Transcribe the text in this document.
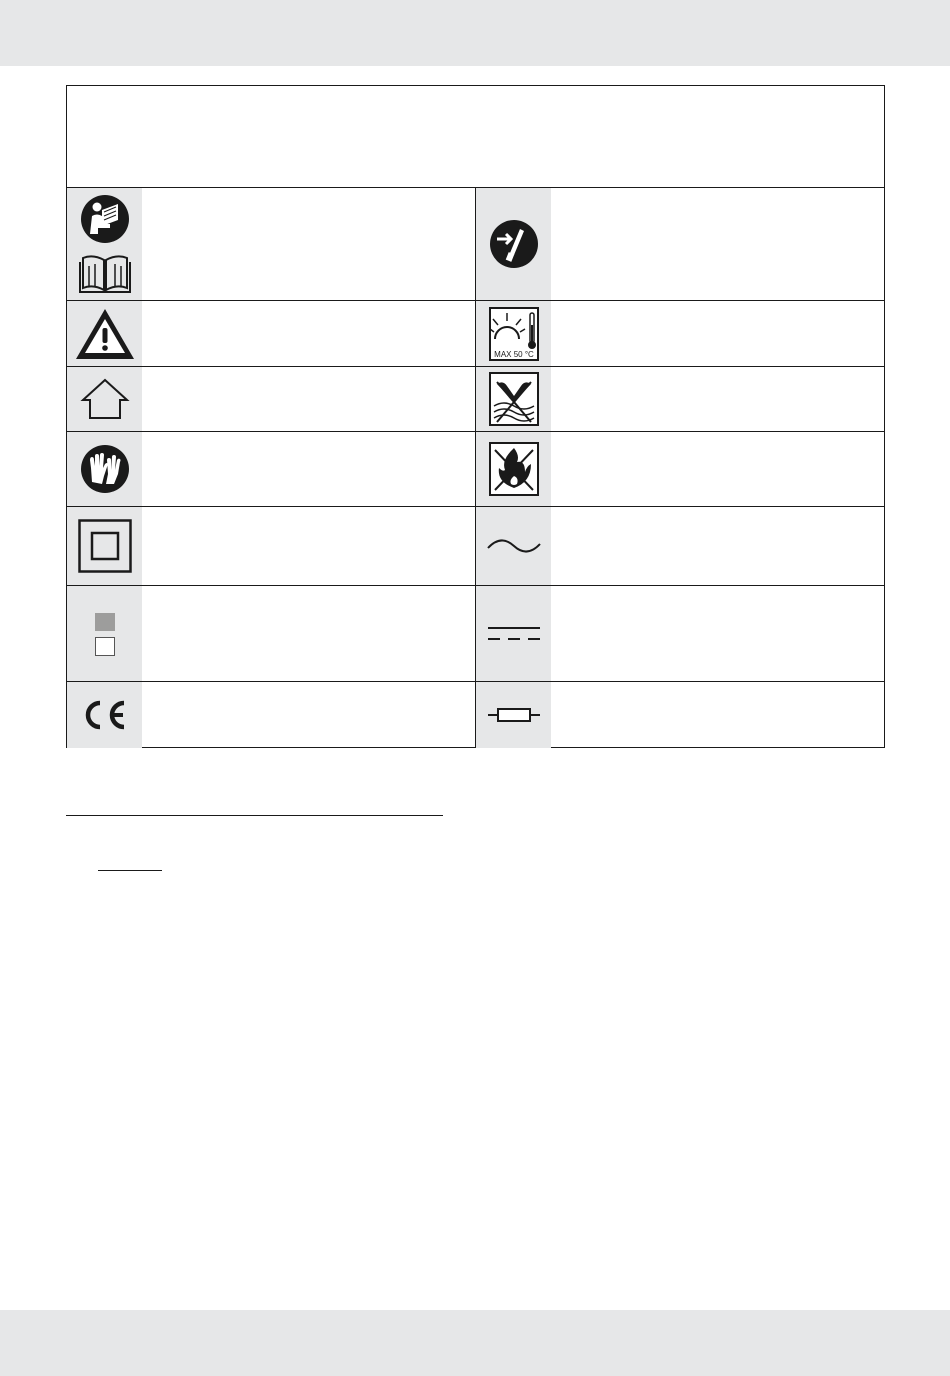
MAX 50 °C
